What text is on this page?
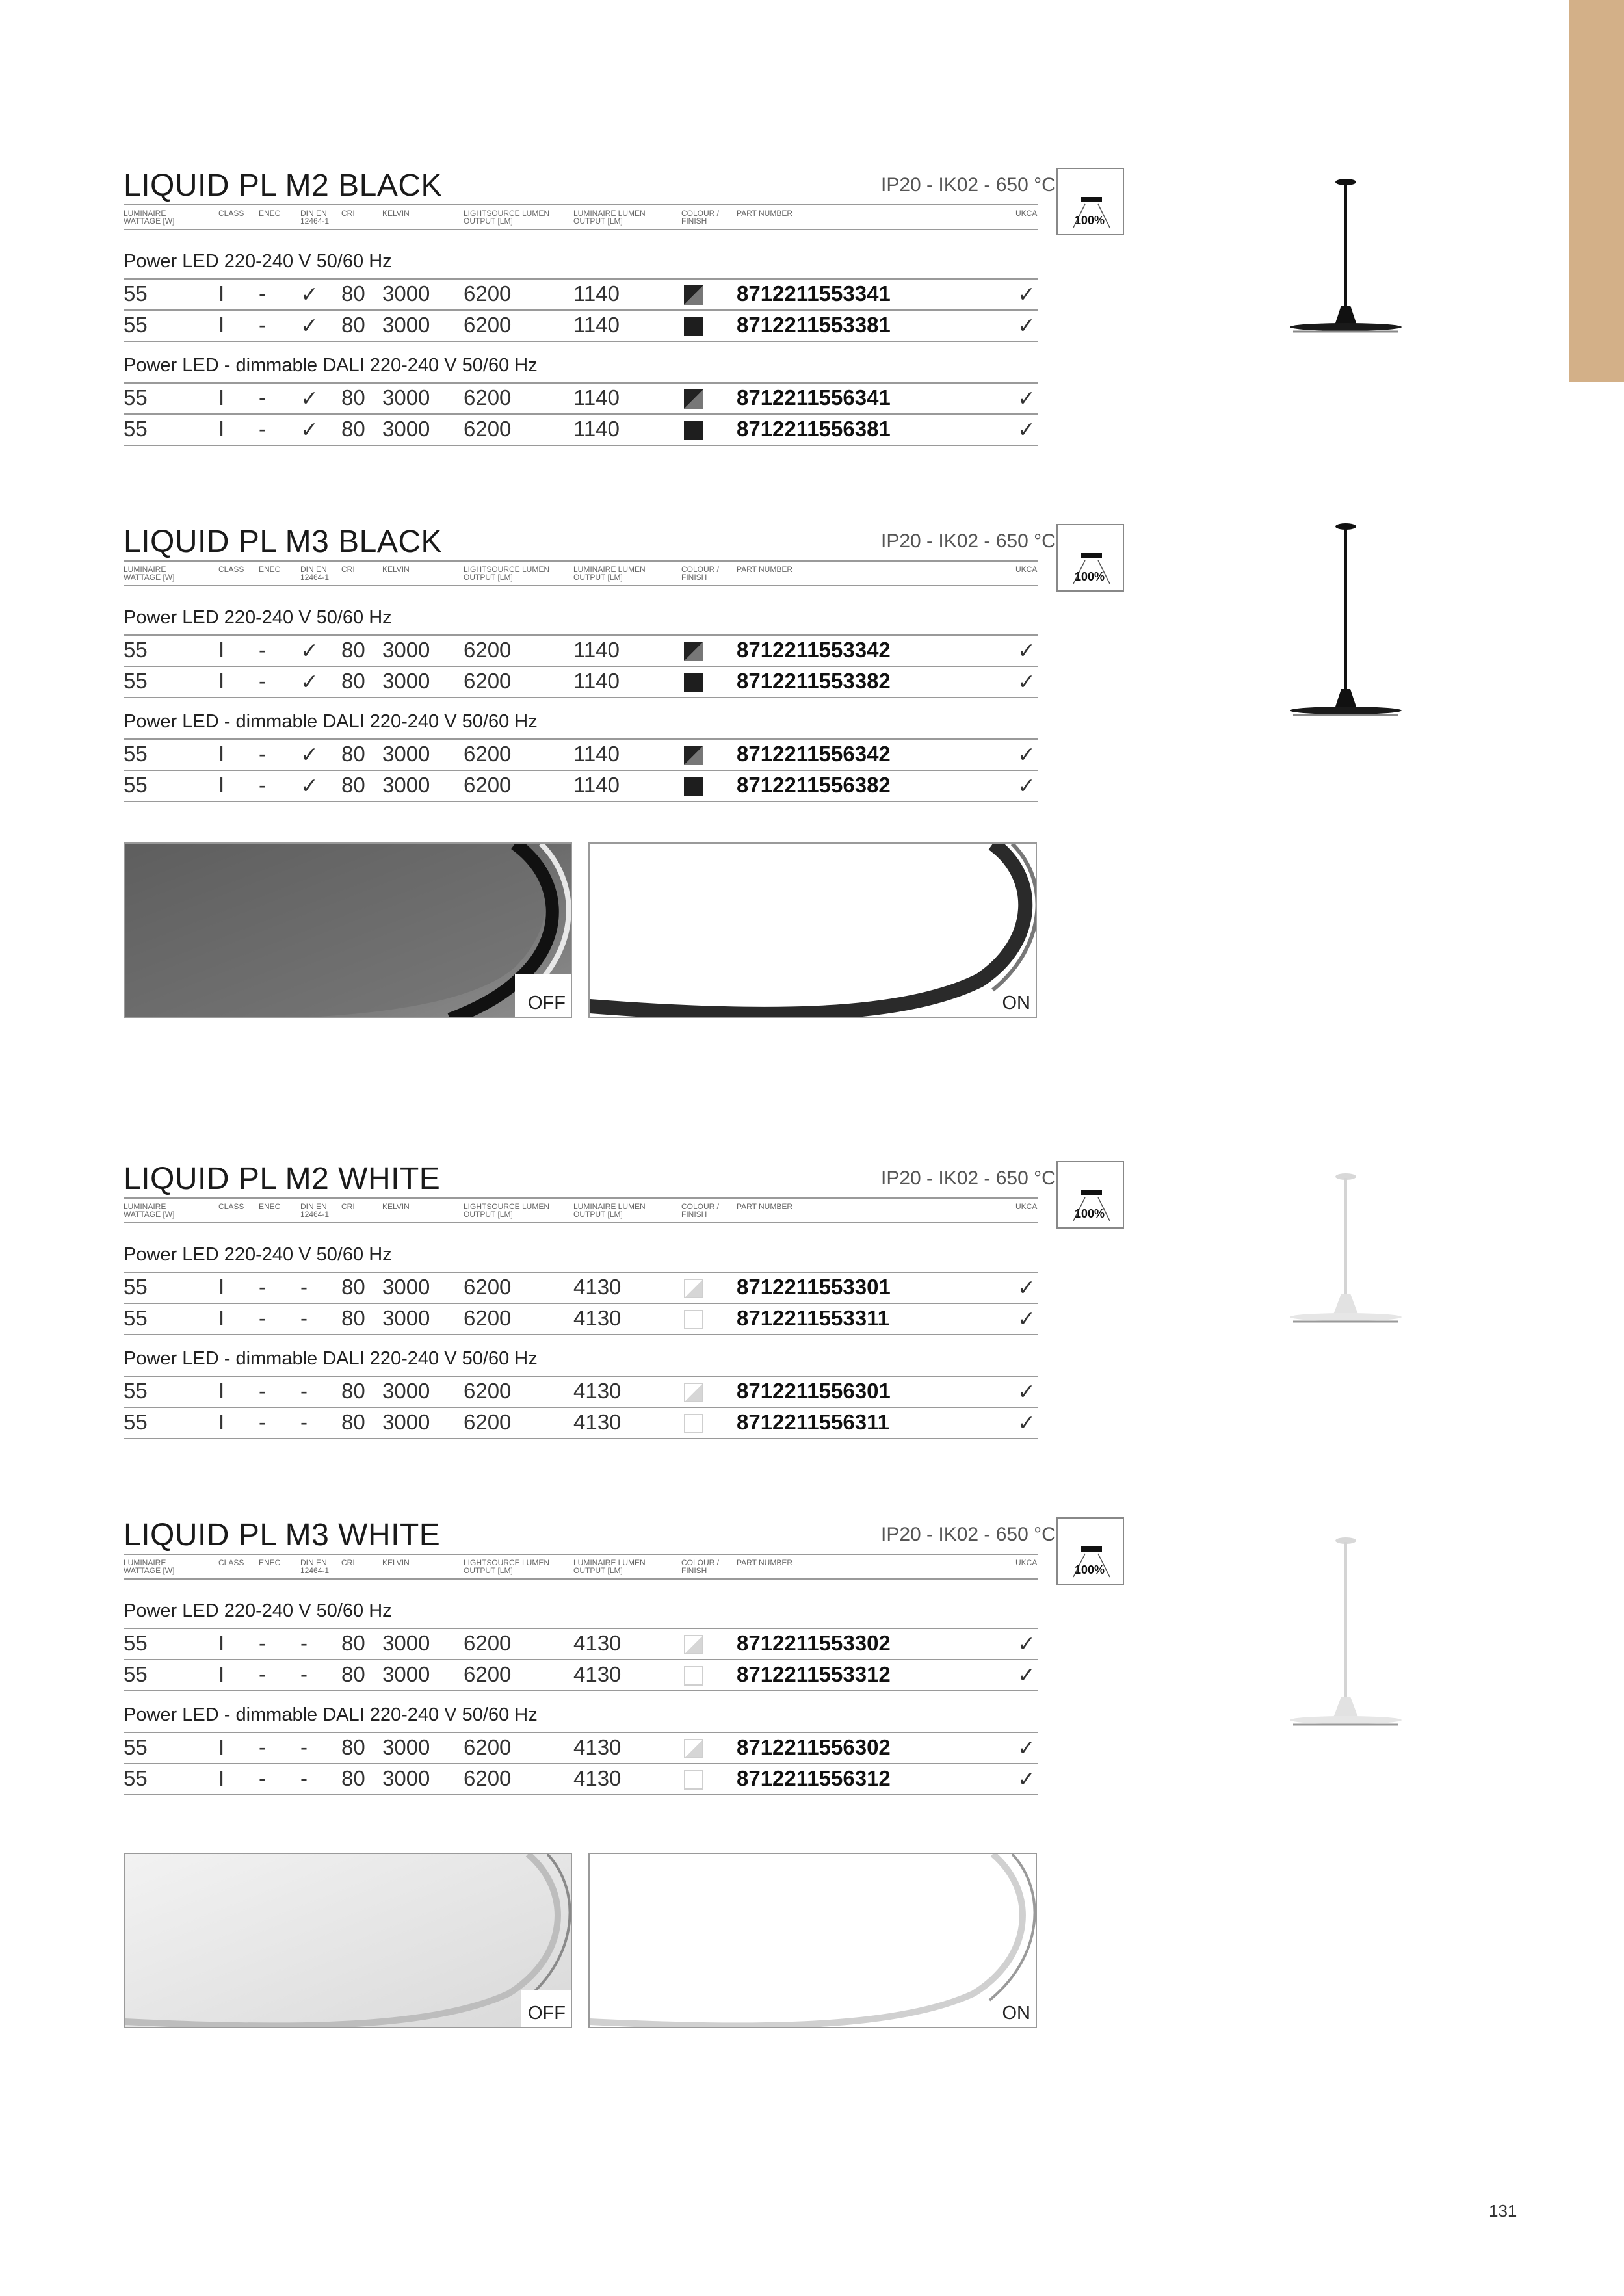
LIQUID PL M2 BLACK	IP20 - IK02 - 650 °C
LUMINAIRE
WATTAGE [W]
CLASS ENEC	DIN EN
12464-1
CRI	KELVIN	LIGHTSOURCE LUMEN
OUTPUT [LM]
LUMINAIRE LUMEN
OUTPUT [LM]
COLOUR /
FINISH
PART NUMBER	UKCA
Power LED 220-240 V 50/60 Hz
55	I - ✓ 80 3000 6200	1140	8712211553341	✓
55	I - ✓ 80 3000 6200	1140	8712211553381	✓
Power LED - dimmable DALI 220-240 V 50/60 Hz
55	I - ✓ 80 3000 6200	1140	8712211556341	✓
55	I - ✓ 80 3000 6200	1140	8712211556381	✓
100%
LIQUID PL M3 BLACK	IP20 - IK02 - 650 °C
LUMINAIRE
WATTAGE [W]
CLASS ENEC	DIN EN
12464-1
CRI	KELVIN	LIGHTSOURCE LUMEN
OUTPUT [LM]
LUMINAIRE LUMEN
OUTPUT [LM]
COLOUR /
FINISH
PART NUMBER	UKCA
Power LED 220-240 V 50/60 Hz
55	I - ✓ 80 3000 6200	1140	8712211553342	✓
55	I - ✓ 80 3000 6200	1140	8712211553382	✓
Power LED - dimmable DALI 220-240 V 50/60 Hz
55	I - ✓ 80 3000 6200	1140	8712211556342	✓
55	I - ✓ 80 3000 6200	1140	8712211556382	✓
100%
LIQUID PL M2 WHITE	IP20 - IK02 - 650 °C
LUMINAIRE
WATTAGE [W]
CLASS ENEC	DIN EN
12464-1
CRI	KELVIN	LIGHTSOURCE LUMEN
OUTPUT [LM]
LUMINAIRE LUMEN
OUTPUT [LM]
COLOUR /
FINISH
PART NUMBER	UKCA
Power LED 220-240 V 50/60 Hz
55	I - - 80 3000 6200	4130	8712211553301	✓
55	I - - 80 3000 6200	4130	8712211553311	✓
Power LED - dimmable DALI 220-240 V 50/60 Hz
55	I - - 80 3000 6200	4130	8712211556301	✓
55	I - - 80 3000 6200	4130	8712211556311	✓
100%
LIQUID PL M3 WHITE	IP20 - IK02 - 650 °C
LUMINAIRE
WATTAGE [W]
CLASS ENEC	DIN EN
12464-1
CRI	KELVIN	LIGHTSOURCE LUMEN
OUTPUT [LM]
LUMINAIRE LUMEN
OUTPUT [LM]
COLOUR /
FINISH
PART NUMBER	UKCA
Power LED 220-240 V 50/60 Hz
55	I - - 80 3000 6200	4130	8712211553302	✓
55	I - - 80 3000 6200	4130	8712211553312	✓
Power LED - dimmable DALI 220-240 V 50/60 Hz
55	I - - 80 3000 6200	4130	8712211556302	✓
55	I - - 80 3000 6200	4130	8712211556312	✓
100%
OFF	ON
OFF	ON
131
